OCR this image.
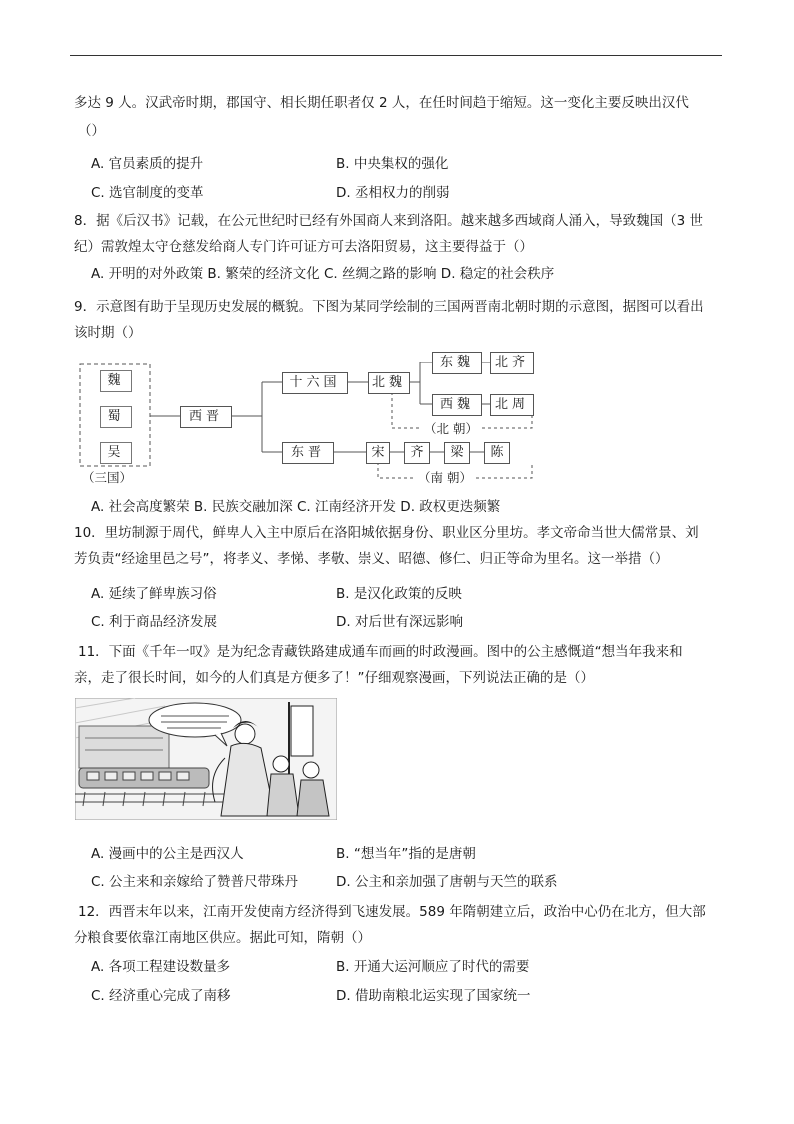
多达 9 人。汉武帝时期，郡国守、相长期任职者仅 2 人，在任时间趋于缩短。这一变化主要反映出汉代
（）
A. 官员素质的提升	B. 中央集权的强化
C. 选官制度的变革	D. 丞相权力的削弱
8．据《后汉书》记载，在公元世纪时已经有外国商人来到洛阳。越来越多西域商人涌入，导致魏国（3 世
纪）需敦煌太守仓慈发给商人专门许可证方可去洛阳贸易，这主要得益于（）
A. 开明的对外政策 B. 繁荣的经济文化 C. 丝绸之路的影响 D. 稳定的社会秩序
9．示意图有助于呈现历史发展的概貌。下图为某同学绘制的三国两晋南北朝时期的示意图，据图可以看出
该时期（）
魏
蜀
吴
（三国）
西晋
十六国	北魏
东魏	北齐
西魏	北周
（北 朝）
东晋	宋	齐	梁	陈
（南 朝）
A. 社会高度繁荣 B. 民族交融加深 C. 江南经济开发 D. 政权更迭频繁
10．里坊制源于周代，鲜卑人入主中原后在洛阳城依据身份、职业区分里坊。孝文帝命当世大儒常景、刘
芳负责“经途里邑之号”，将孝义、孝悌、孝敬、崇义、昭德、修仁、归正等命为里名。这一举措（）
A. 延续了鲜卑族习俗	B. 是汉化政策的反映
C. 利于商品经济发展	D. 对后世有深远影响
11．下面《千年一叹》是为纪念青藏铁路建成通车而画的时政漫画。图中的公主感慨道“想当年我来和
亲，走了很长时间，如今的人们真是方便多了！”仔细观察漫画，下列说法正确的是（）
A. 漫画中的公主是西汉人	B. “想当年”指的是唐朝
C. 公主来和亲嫁给了赞普尺带珠丹	D. 公主和亲加强了唐朝与天竺的联系
12．西晋末年以来，江南开发使南方经济得到飞速发展。589 年隋朝建立后，政治中心仍在北方，但大部
分粮食要依靠江南地区供应。据此可知，隋朝（）
A. 各项工程建设数量多	B. 开通大运河顺应了时代的需要
C. 经济重心完成了南移	D. 借助南粮北运实现了国家统一
